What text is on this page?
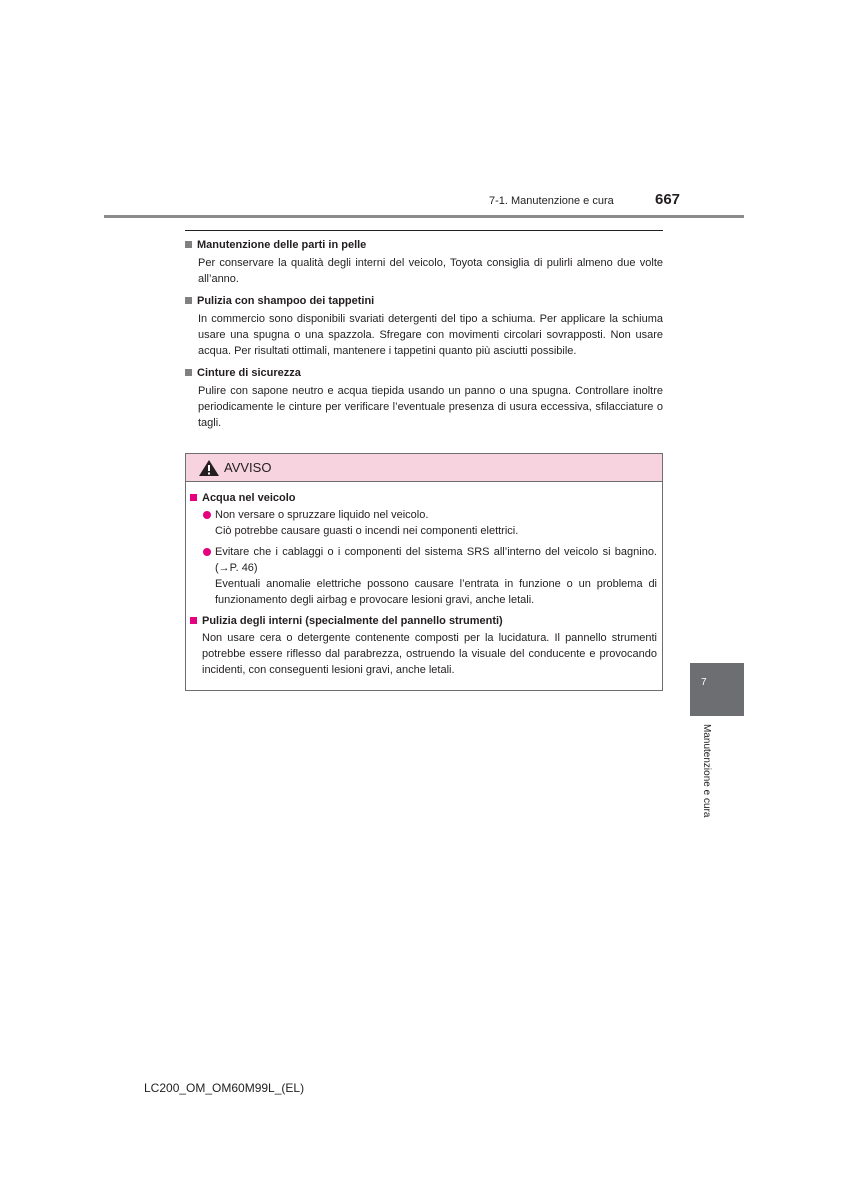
7-1. Manutenzione e cura	667

Manutenzione delle parti in pelle

Per conservare la qualità degli interni del veicolo, Toyota consiglia di pulirli almeno due volte all’anno.

Pulizia con shampoo dei tappetini

In commercio sono disponibili svariati detergenti del tipo a schiuma. Per applicare la schiuma usare una spugna o una spazzola. Sfregare con movimenti circolari sovrapposti. Non usare acqua. Per risultati ottimali, mantenere i tappetini quanto più asciutti possibile.

Cinture di sicurezza

Pulire con sapone neutro e acqua tiepida usando un panno o una spugna. Controllare inoltre periodicamente le cinture per verificare l’eventuale presenza di usura eccessiva, sfilacciature o tagli.

AVVISO

Acqua nel veicolo

Non versare o spruzzare liquido nel veicolo.
Ciò potrebbe causare guasti o incendi nei componenti elettrici.
Evitare che i cablaggi o i componenti del sistema SRS all’interno del veicolo si bagnino. (→P. 46)
Eventuali anomalie elettriche possono causare l’entrata in funzione o un problema di funzionamento degli airbag e provocare lesioni gravi, anche letali.

Pulizia degli interni (specialmente del pannello strumenti)

Non usare cera o detergente contenente composti per la lucidatura. Il pannello strumenti potrebbe essere riflesso dal parabrezza, ostruendo la visuale del conducente e provocando incidenti, con conseguenti lesioni gravi, anche letali.

7
Manutenzione e cura
LC200_OM_OM60M99L_(EL)
